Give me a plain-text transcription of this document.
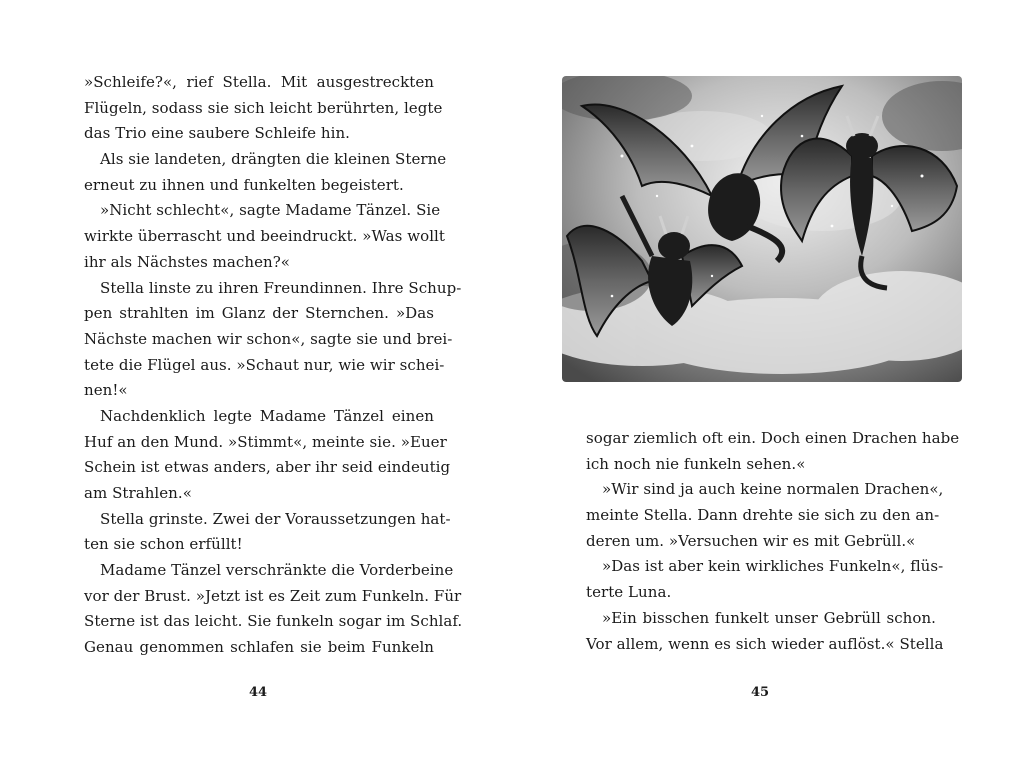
»Schleife?«, rief Stella. Mit ausgestreckten
Flügeln, sodass sie sich leicht berührten, legte
das Trio eine saubere Schleife hin.
Als sie landeten, drängten die kleinen Sterne
erneut zu ihnen und funkelten begeistert.
»Nicht schlecht«, sagte Madame Tänzel. Sie
wirkte überrascht und beeindruckt. »Was wollt
ihr als Nächstes machen?«
Stella linste zu ihren Freundinnen. Ihre Schup-
pen strahlten im Glanz der Sternchen. »Das
Nächste machen wir schon«, sagte sie und brei-
tete die Flügel aus. »Schaut nur, wie wir schei-
nen!«
Nachdenklich legte Madame Tänzel einen
Huf an den Mund. »Stimmt«, meinte sie. »Euer
Schein ist etwas anders, aber ihr seid eindeutig
am Strahlen.«
Stella grinste. Zwei der Voraussetzungen hat-
ten sie schon erfüllt!
Madame Tänzel verschränkte die Vorderbeine
vor der Brust. »Jetzt ist es Zeit zum Funkeln. Für
Sterne ist das leicht. Sie funkeln sogar im Schlaf.
Genau genommen schlafen sie beim Funkeln
44
sogar ziemlich oft ein. Doch einen Drachen habe
ich noch nie funkeln sehen.«
»Wir sind ja auch keine normalen Drachen«,
meinte Stella. Dann drehte sie sich zu den an-
deren um. »Versuchen wir es mit Gebrüll.«
»Das ist aber kein wirkliches Funkeln«, flüs-
terte Luna.
»Ein bisschen funkelt unser Gebrüll schon.
Vor allem, wenn es sich wieder auflöst.« Stella
45
